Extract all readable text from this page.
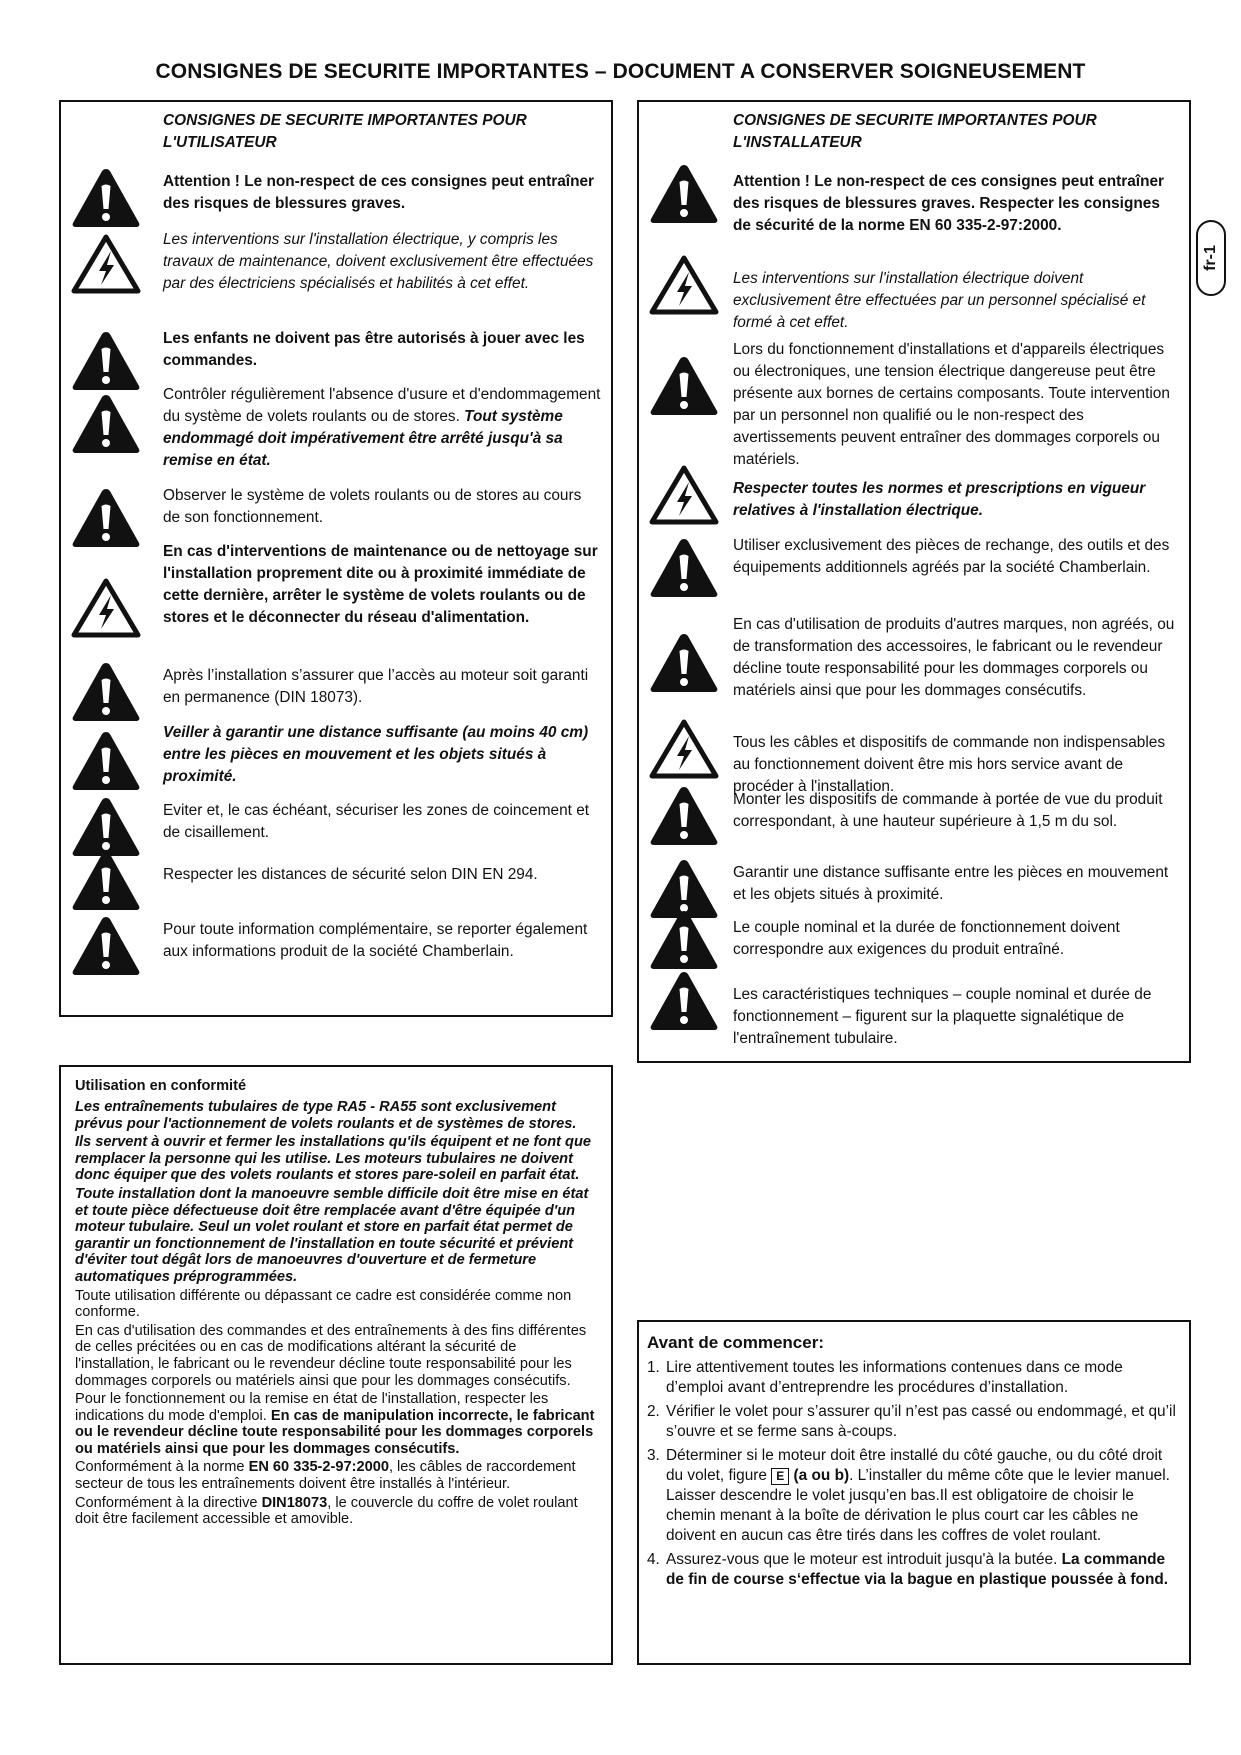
CONSIGNES DE SECURITE IMPORTANTES – DOCUMENT A CONSERVER SOIGNEUSEMENT
fr-1
CONSIGNES DE SECURITE IMPORTANTES POUR L'UTILISATEUR
Attention ! Le non-respect de ces consignes peut entraîner des risques de blessures graves.
Les interventions sur l'installation électrique, y compris les travaux de maintenance, doivent exclusivement être effectuées par des électriciens spécialisés et habilités à cet effet.
Les enfants ne doivent pas être autorisés à jouer avec les commandes.
Contrôler régulièrement l'absence d'usure et d'endommagement du système de volets roulants ou de stores. Tout système endommagé doit impérativement être arrêté jusqu'à sa remise en état.
Observer le système de volets roulants ou de stores au cours de son fonctionnement.
En cas d'interventions de maintenance ou de nettoyage sur l'installation proprement dite ou à proximité immédiate de cette dernière, arrêter le système de volets roulants ou de stores et le déconnecter du réseau d'alimentation.
Après l’installation s’assurer que l’accès au moteur soit garanti en permanence (DIN 18073).
Veiller à garantir une distance suffisante (au moins 40 cm) entre les pièces en mouvement et les objets situés à proximité.
Eviter et, le cas échéant, sécuriser les zones de coincement et de cisaillement.
Respecter les distances de sécurité selon DIN EN 294.
Pour toute information complémentaire, se reporter également aux informations produit de la société Chamberlain.
CONSIGNES DE SECURITE IMPORTANTES POUR L'INSTALLATEUR
Attention ! Le non-respect de ces consignes peut entraîner des risques de blessures graves. Respecter les consignes de sécurité de la norme EN 60 335-2-97:2000.
Les interventions sur l'installation électrique doivent exclusivement être effectuées par un personnel spécialisé et formé à cet effet.
Lors du fonctionnement d'installations et d'appareils électriques ou électroniques, une tension électrique dangereuse peut être présente aux bornes de certains composants. Toute intervention par un personnel non qualifié ou le non-respect des avertissements peuvent entraîner des dommages corporels ou matériels.
Respecter toutes les normes et prescriptions en vigueur relatives à l'installation électrique.
Utiliser exclusivement des pièces de rechange, des outils et des équipements additionnels agréés par la société Chamberlain.
En cas d'utilisation de produits d'autres marques, non agréés, ou de transformation des accessoires, le fabricant ou le revendeur décline toute responsabilité pour les dommages corporels ou matériels ainsi que pour les dommages consécutifs.
Tous les câbles et dispositifs de commande non indispensables au fonctionnement doivent être mis hors service avant de procéder à l'installation.
Monter les dispositifs de commande à portée de vue du produit correspondant, à une hauteur supérieure à 1,5 m du sol.
Garantir une distance suffisante entre les pièces en mouvement et les objets situés à proximité.
Le couple nominal et la durée de fonctionnement doivent correspondre aux exigences du produit entraîné.
Les caractéristiques techniques – couple nominal et durée de fonctionnement – figurent sur la plaquette signalétique de l'entraînement tubulaire.
Utilisation en conformité

Les entraînements tubulaires de type RA5 - RA55 sont exclusivement prévus pour l'actionnement de volets roulants et de systèmes de stores.

Ils servent à ouvrir et fermer les installations qu'ils équipent et ne font que remplacer la personne qui les utilise. Les moteurs tubulaires ne doivent donc équiper que des volets roulants et stores pare-soleil en parfait état.

Toute installation dont la manoeuvre semble difficile doit être mise en état et toute pièce défectueuse doit être remplacée avant d'être équipée d'un moteur tubulaire. Seul un volet roulant et store en parfait état permet de garantir un fonctionnement de l'installation en toute sécurité et prévient d'éviter tout dégât lors de manoeuvres d'ouverture et de fermeture automatiques préprogrammées.

Toute utilisation différente ou dépassant ce cadre est considérée comme non conforme.

En cas d'utilisation des commandes et des entraînements à des fins différentes de celles précitées ou en cas de modifications altérant la sécurité de l'installation, le fabricant ou le revendeur décline toute responsabilité pour les dommages corporels ou matériels ainsi que pour les dommages consécutifs.

Pour le fonctionnement ou la remise en état de l'installation, respecter les indications du mode d'emploi. En cas de manipulation incorrecte, le fabricant ou le revendeur décline toute responsabilité pour les dommages corporels ou matériels ainsi que pour les dommages consécutifs.

Conformément à la norme EN 60 335-2-97:2000, les câbles de raccordement secteur de tous les entraînements doivent être installés à l'intérieur.

Conformément à la directive DIN18073, le couvercle du coffre de volet roulant doit être facilement accessible et amovible.

Avant de commencer:
1. Lire attentivement toutes les informations contenues dans ce mode d’emploi avant d’entreprendre les procédures d’installation.
2. Vérifier le volet pour s’assurer qu’il n’est pas cassé ou endommagé, et qu’il s’ouvre et se ferme sans à-coups.
3. Déterminer si le moteur doit être installé du côté gauche, ou du côté droit du volet, figure E (a ou b). L’installer du même côte que le levier manuel. Laisser descendre le volet jusqu’en bas.Il est obligatoire de choisir le chemin menant à la boîte de dérivation le plus court car les câbles ne doivent en aucun cas être tirés dans les coffres de volet roulant.
4. Assurez-vous que le moteur est introduit jusqu'à la butée. La commande de fin de course s‘effectue via la bague en plastique poussée à fond.
